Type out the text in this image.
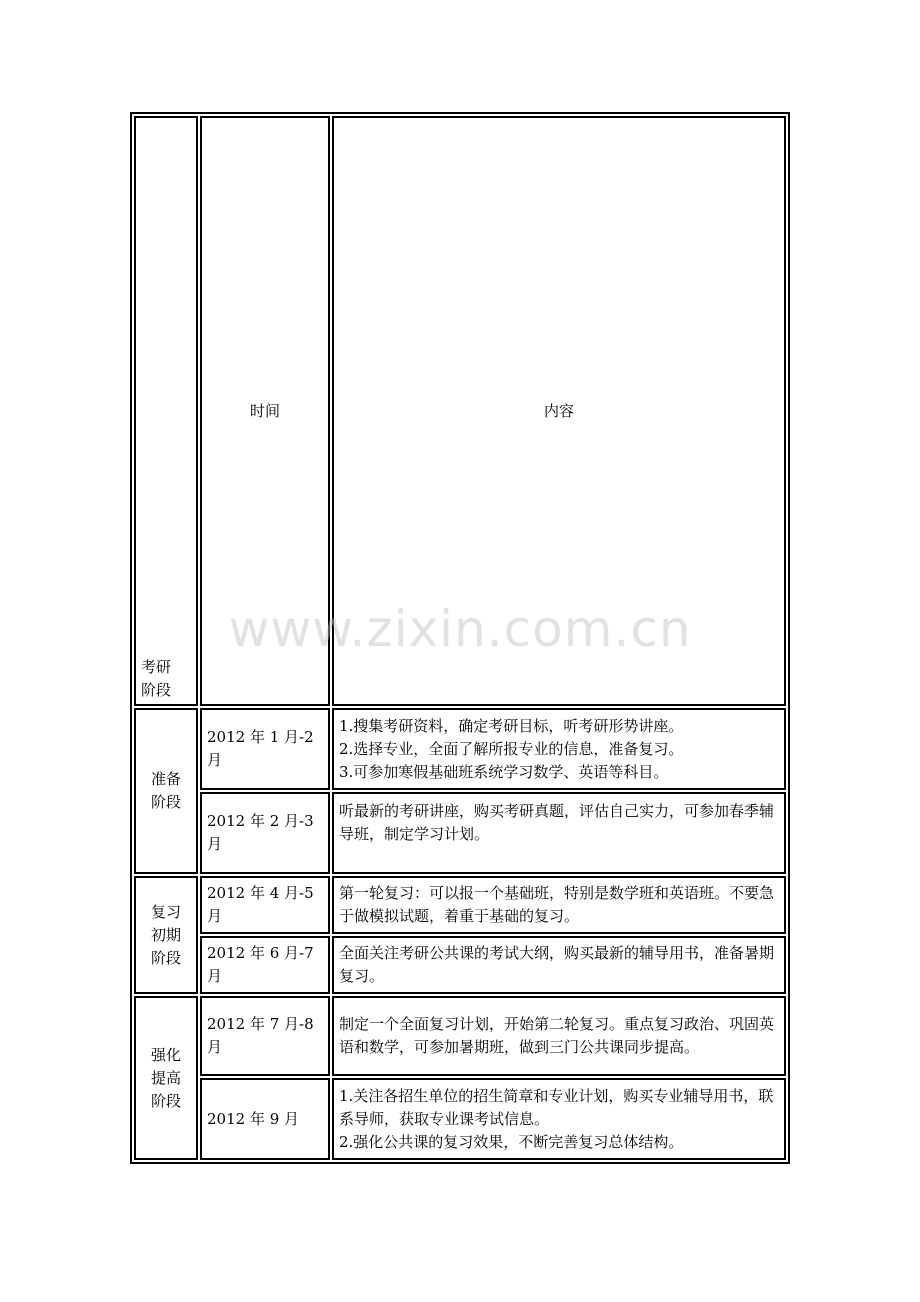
考研阶段	时间	内容
准备阶段	2012 年 1 月-2 月	1.搜集考研资料，确定考研目标，听考研形势讲座。
2.选择专业，全面了解所报专业的信息，准备复习。
3.可参加寒假基础班系统学习数学、英语等科目。

	2012 年 2 月-3 月	听最新的考研讲座，购买考研真题，评估自己实力，可参加春季辅导班，制定学习计划。

复习初期阶段	2012 年 4 月-5 月	第一轮复习：可以报一个基础班，特别是数学班和英语班。不要急于做模拟试题，着重于基础的复习。

	2012 年 6 月-7 月	全面关注考研公共课的考试大纲，购买最新的辅导用书，准备暑期复习。

强化提高阶段	2012 年 7 月-8 月	制定一个全面复习计划，开始第二轮复习。重点复习政治、巩固英语和数学，可参加暑期班，做到三门公共课同步提高。

	2012 年 9 月	1.关注各招生单位的招生简章和专业计划，购买专业辅导用书，联系导师，获取专业课考试信息。
2.强化公共课的复习效果，不断完善复习总体结构。
www.zixin.com.cn
